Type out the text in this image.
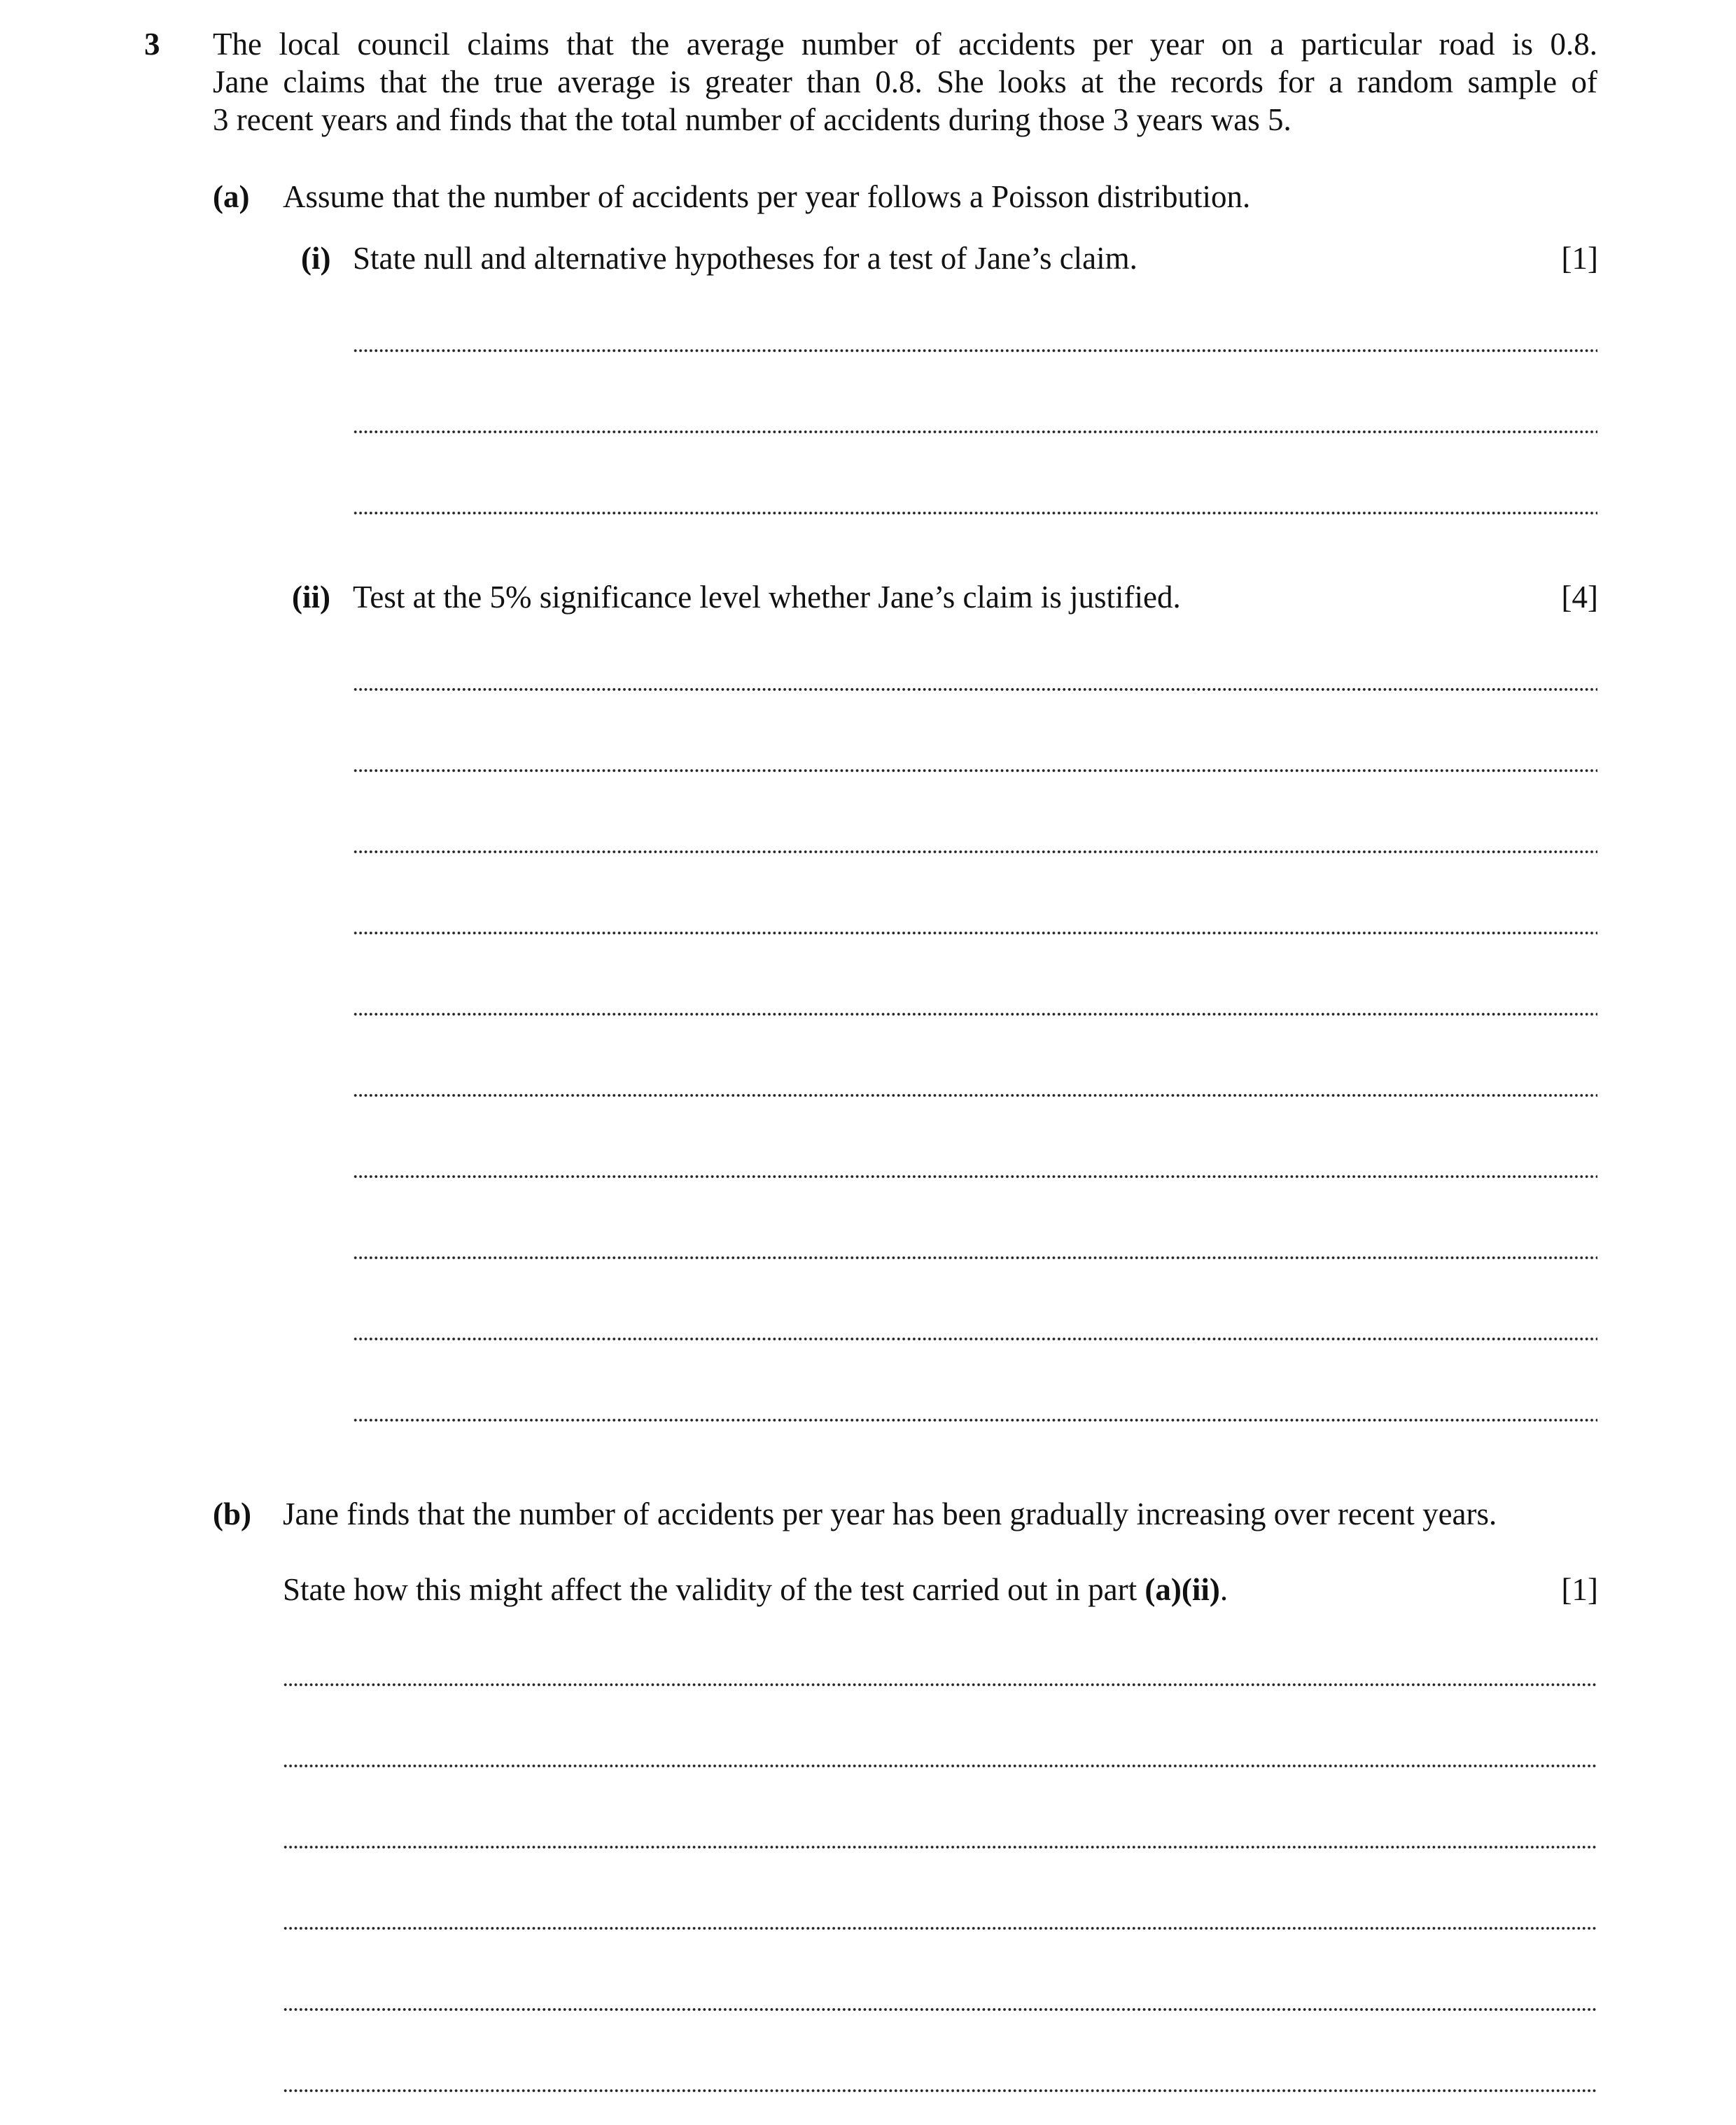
3 The local council claims that the average number of accidents per year on a particular road is 0.8.
Jane claims that the true average is greater than 0.8. She looks at the records for a random sample of
3 recent years and finds that the total number of accidents during those 3 years was 5.
(a) Assume that the number of accidents per year follows a Poisson distribution.
(i) State null and alternative hypotheses for a test of Jane’s claim.	[1]
(ii) Test at the 5% significance level whether Jane’s claim is justified.	[4]
(b) Jane finds that the number of accidents per year has been gradually increasing over recent years.
State how this might affect the validity of the test carried out in part (a)(ii).	[1]
